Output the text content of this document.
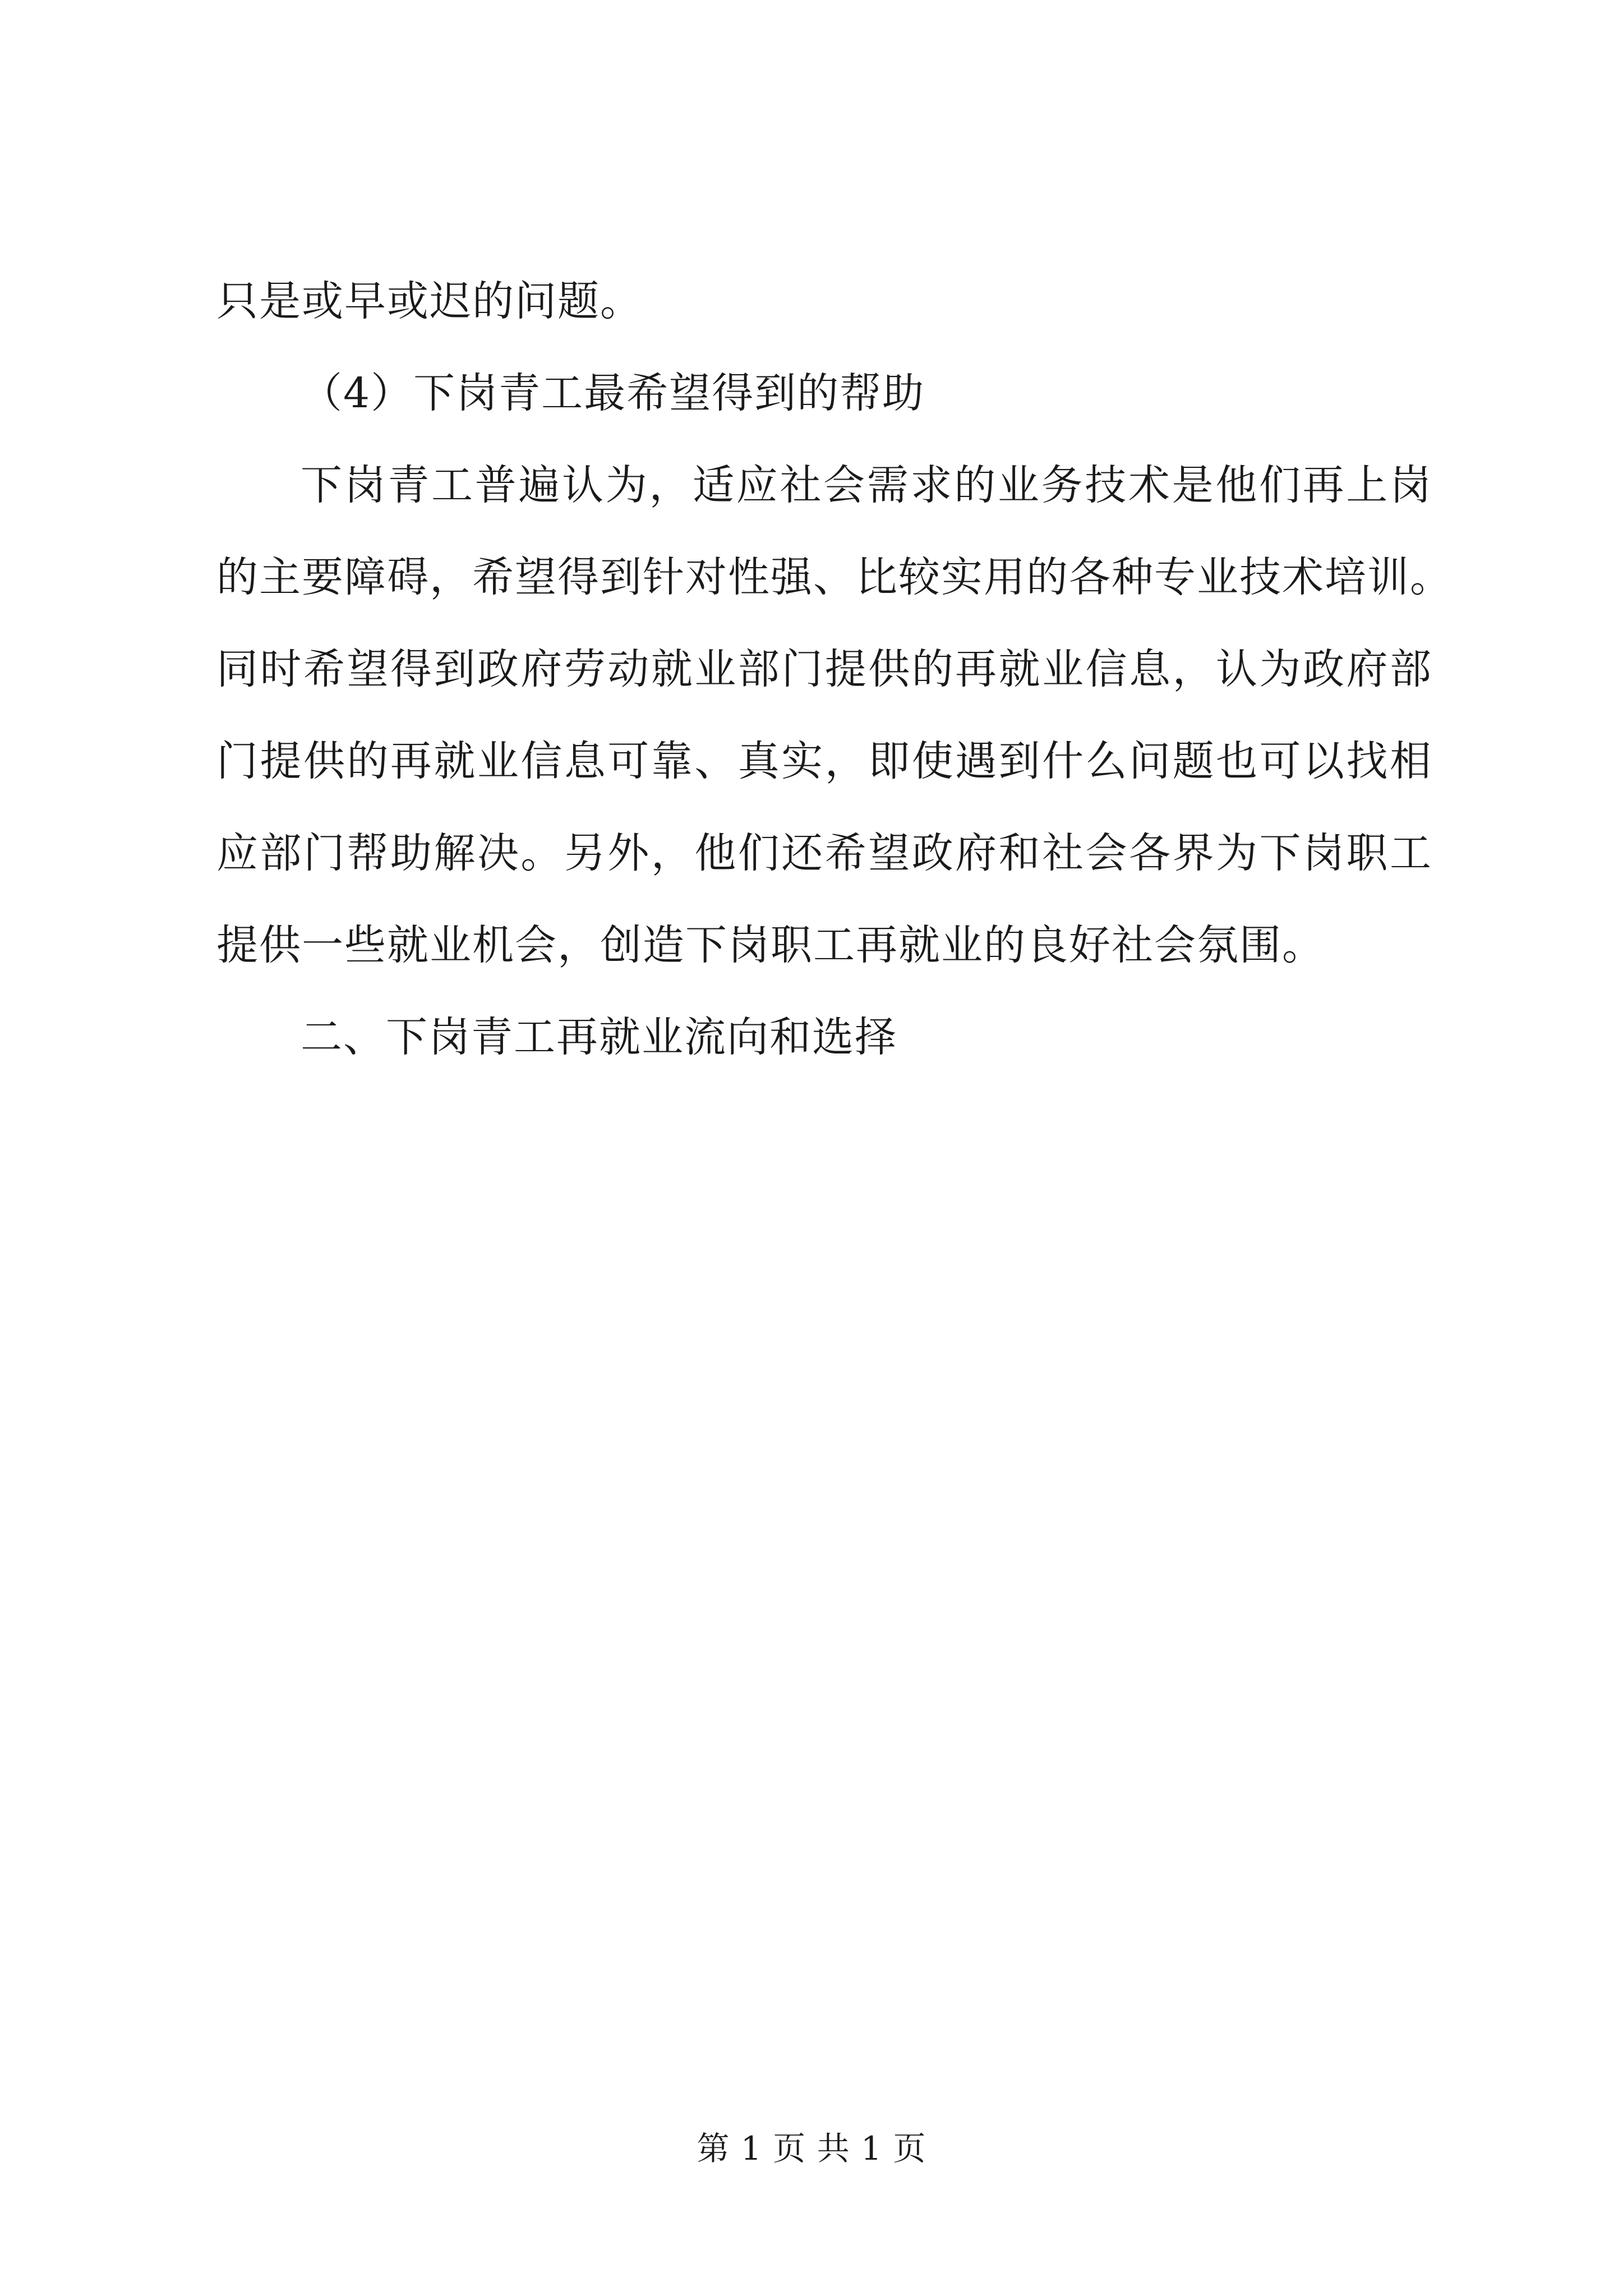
只是或早或迟的问题。
（4）下岗青工最希望得到的帮助
下岗青工普遍认为，适应社会需求的业务技术是他们再上岗
的主要障碍，希望得到针对性强、比较实用的各种专业技术培训。
同时希望得到政府劳动就业部门提供的再就业信息，认为政府部
门提供的再就业信息可靠、真实，即使遇到什么问题也可以找相
应部门帮助解决。另外，他们还希望政府和社会各界为下岗职工
提供一些就业机会，创造下岗职工再就业的良好社会氛围。
二、下岗青工再就业流向和选择
第 1 页 共 1 页
